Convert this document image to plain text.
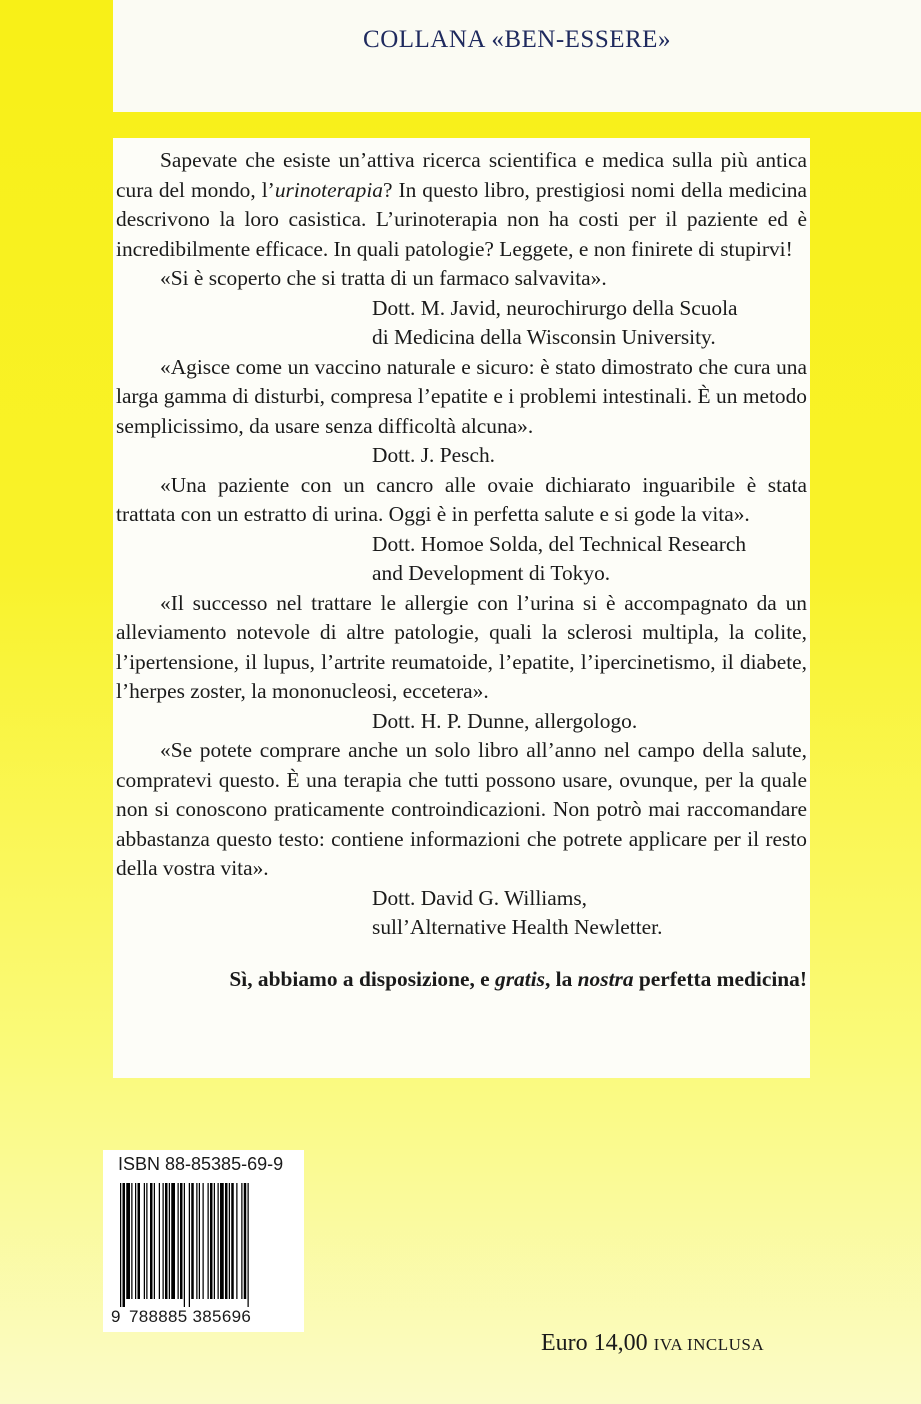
COLLANA «BEN-ESSERE»

Sapevate che esiste un’attiva ricerca scientifica e medica sulla più antica cura del mondo, l’urinoterapia? In questo libro, prestigiosi nomi della medicina descrivono la loro casistica. L’urinoterapia non ha costi per il paziente ed è incredibilmente efficace. In quali patologie? Leggete, e non finirete di stupirvi!

«Si è scoperto che si tratta di un farmaco salvavita».

Dott. M. Javid, neurochirurgo della Scuola

di Medicina della Wisconsin University.

«Agisce come un vaccino naturale e sicuro: è stato dimostrato che cura una larga gamma di disturbi, compresa l’epatite e i problemi intestinali. È un metodo semplicissimo, da usare senza difficoltà alcuna».

Dott. J. Pesch.

«Una paziente con un cancro alle ovaie dichiarato inguaribile è stata trattata con un estratto di urina. Oggi è in perfetta salute e si gode la vita».

Dott. Homoe Solda, del Technical Research

and Development di Tokyo.

«Il successo nel trattare le allergie con l’urina si è accompagnato da un alleviamento notevole di altre patologie, quali la sclerosi multipla, la colite, l’ipertensione, il lupus, l’artrite reumatoide, l’epatite, l’ipercinetismo, il diabete, l’herpes zoster, la mononucleosi, eccetera».

Dott. H. P. Dunne, allergologo.

«Se potete comprare anche un solo libro all’anno nel campo della salute, compratevi questo. È una terapia che tutti possono usare, ovunque, per la quale non si conoscono praticamente controindicazioni. Non potrò mai raccomandare abbastanza questo testo: contiene informazioni che potrete applicare per il resto della vostra vita».

Dott. David G. Williams,

sull’Alternative Health Newletter.

Sì, abbiamo a disposizione, e gratis, la nostra perfetta medicina!

ISBN 88-85385-69-9
9 788885 385696
Euro 14,00 IVA INCLUSA
